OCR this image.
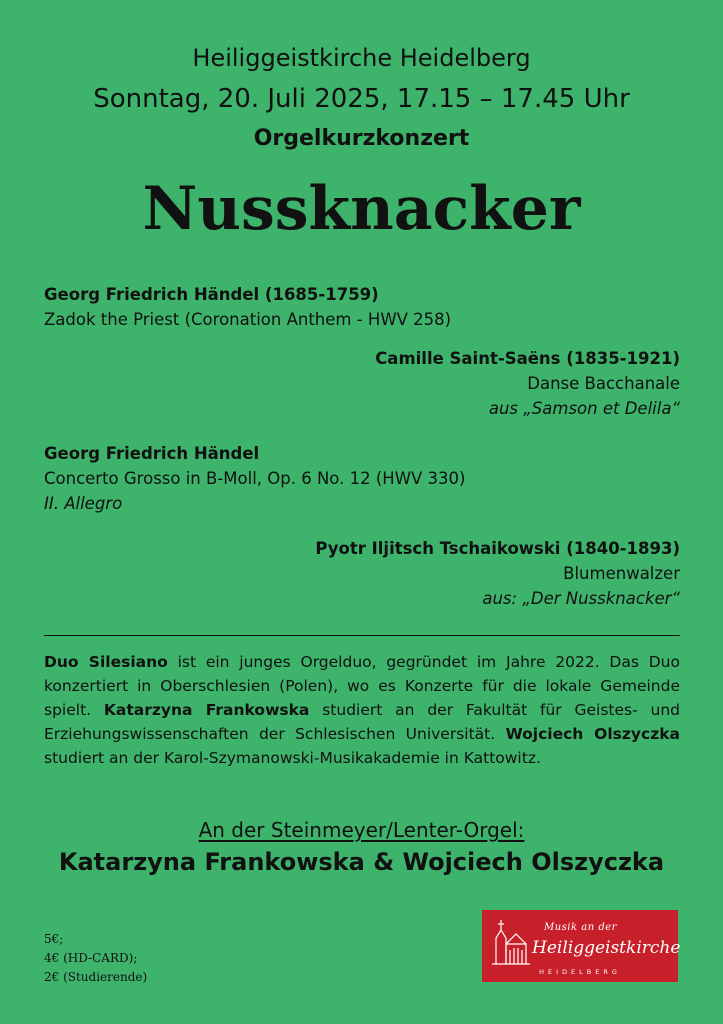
Heiliggeistkirche Heidelberg
Sonntag, 20. Juli 2025, 17.15 – 17.45 Uhr
Orgelkurzkonzert
Nussknacker
Georg Friedrich Händel (1685-1759)
Zadok the Priest (Coronation Anthem - HWV 258)
Camille Saint-Saëns (1835-1921)
Danse Bacchanale
aus „Samson et Delila“
Georg Friedrich Händel
Concerto Grosso in B-Moll, Op. 6 No. 12 (HWV 330)
II. Allegro
Pyotr Iljitsch Tschaikowski (1840-1893)
Blumenwalzer
aus: „Der Nussknacker“
Duo Silesiano ist ein junges Orgelduo, gegründet im Jahre 2022. Das Duo konzertiert in Oberschlesien (Polen), wo es Konzerte für die lokale Gemeinde spielt. Katarzyna Frankowska studiert an der Fakultät für Geistes- und Erziehungswissenschaften der Schlesischen Universität. Wojciech Olszyczka studiert an der Karol-Szymanowski-Musikakademie in Kattowitz.
An der Steinmeyer/Lenter-Orgel:
Katarzyna Frankowska & Wojciech Olszyczka
5€;
4€ (HD-CARD);
2€ (Studierende)
Musik an der
Heiliggeistkirche
HEIDELBERG
